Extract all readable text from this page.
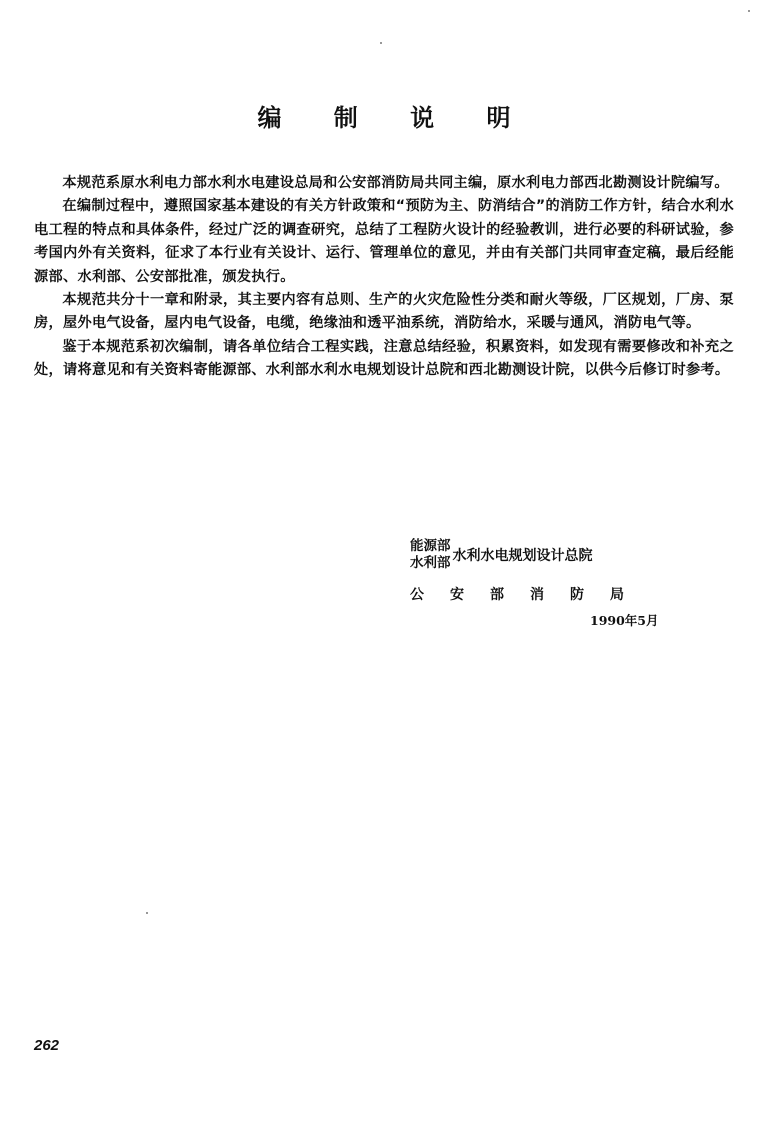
编 制 说 明

本规范系原水利电力部水利水电建设总局和公安部消防局共同主编，原水利电力部西北勘测设计院编写。

在编制过程中，遵照国家基本建设的有关方针政策和“预防为主、防消结合”的消防工作方针，结合水利水电工程的特点和具体条件，经过广泛的调查研究，总结了工程防火设计的经验教训，进行必要的科研试验，参考国内外有关资料，征求了本行业有关设计、运行、管理单位的意见，并由有关部门共同审查定稿，最后经能源部、水利部、公安部批准，颁发执行。

本规范共分十一章和附录，其主要内容有总则、生产的火灾危险性分类和耐火等级，厂区规划，厂房、泵房，屋外电气设备，屋内电气设备，电缆，绝缘油和透平油系统，消防给水，采暖与通风，消防电气等。

鉴于本规范系初次编制，请各单位结合工程实践，注意总结经验，积累资料，如发现有需要修改和补充之处，请将意见和有关资料寄能源部、水利部水利水电规划设计总院和西北勘测设计院，以供今后修订时参考。

能源部
水利部 水利水电规划设计总院
公安部消防局
1990年5月
262
